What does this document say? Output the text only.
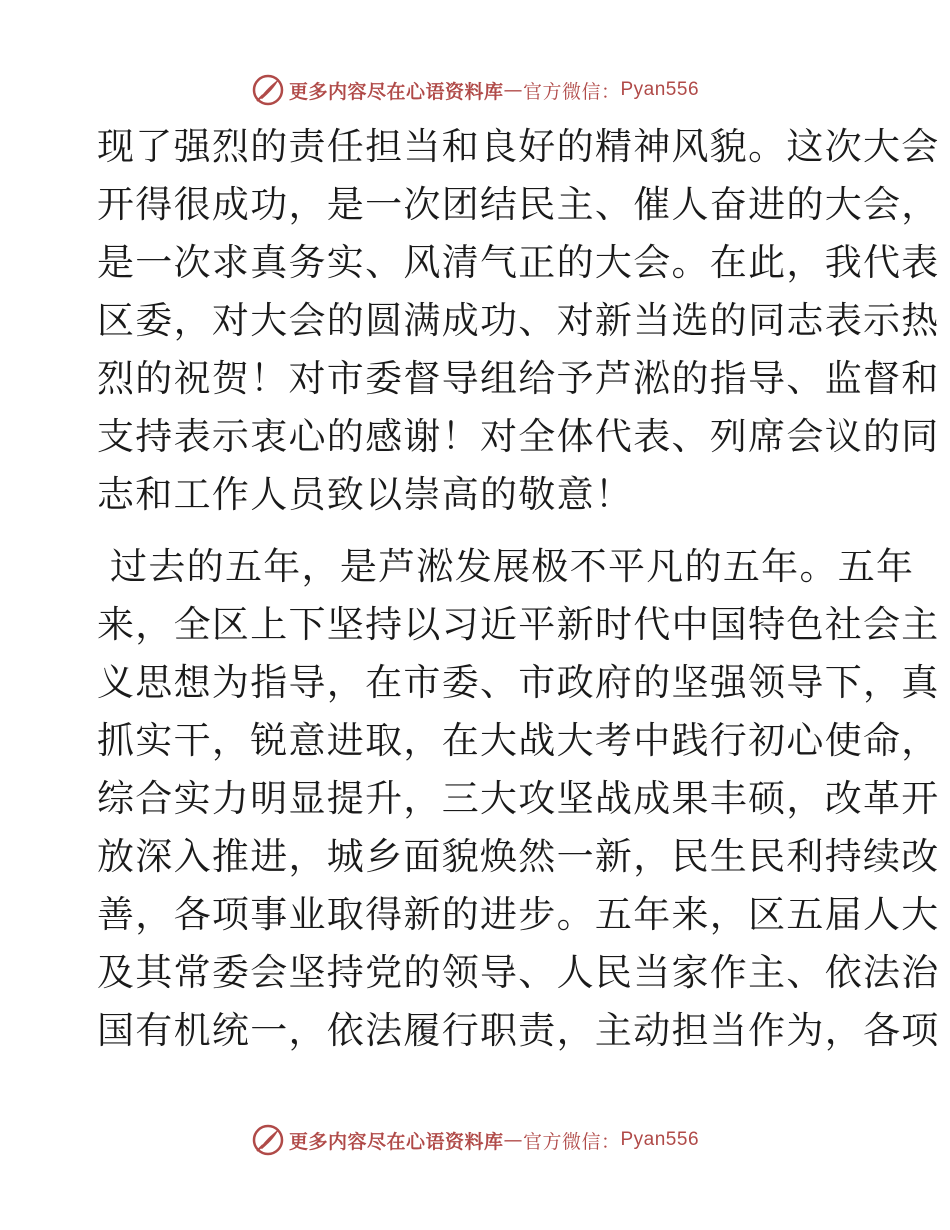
更多内容尽在心语资料库 — 官方微信： Pyan556

现了强烈的责任担当和良好的精神风貌。这次大会
开得很成功，是一次团结民主、催人奋进的大会，
是一次求真务实、风清气正的大会。在此，我代表
区委，对大会的圆满成功、对新当选的同志表示热
烈的祝贺！对市委督导组给予芦淞的指导、监督和
支持表示衷心的感谢！对全体代表、列席会议的同
志和工作人员致以崇高的敬意！

过去的五年，是芦淞发展极不平凡的五年。五年
来，全区上下坚持以习近平新时代中国特色社会主
义思想为指导，在市委、市政府的坚强领导下，真
抓实干，锐意进取，在大战大考中践行初心使命，
综合实力明显提升，三大攻坚战成果丰硕，改革开
放深入推进，城乡面貌焕然一新，民生民利持续改
善，各项事业取得新的进步。五年来，区五届人大
及其常委会坚持党的领导、人民当家作主、依法治
国有机统一，依法履行职责，主动担当作为，各项

更多内容尽在心语资料库 — 官方微信： Pyan556
